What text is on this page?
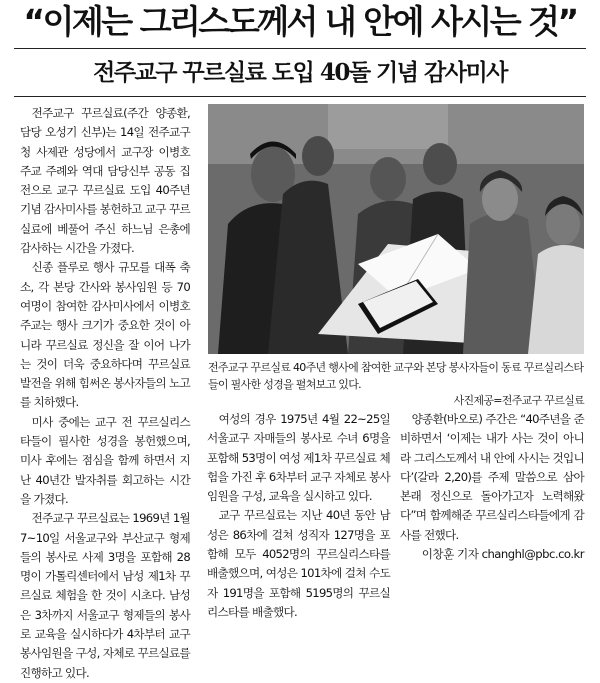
“이제는 그리스도께서 내 안에 사시는 것”
전주교구 꾸르실료 도입 40돌 기념 감사미사

전주교구 꾸르실료(주간 양종환, 담당 오성기 신부)는 14일 전주교구청 사제관 성당에서 교구장 이병호 주교 주례와 역대 담당신부 공동 집전으로 교구 꾸르실료 도입 40주년 기념 감사미사를 봉헌하고 교구 꾸르실료에 베풀어 주신 하느님 은총에 감사하는 시간을 가졌다.

신종 플루로 행사 규모를 대폭 축소, 각 본당 간사와 봉사임원 등 70여명이 참여한 감사미사에서 이병호 주교는 행사 크기가 중요한 것이 아니라 꾸르실료 정신을 잘 이어 나가는 것이 더욱 중요하다며 꾸르실료 발전을 위해 힘써온 봉사자들의 노고를 치하했다.

미사 중에는 교구 전 꾸르실리스타들이 필사한 성경을 봉헌했으며, 미사 후에는 점심을 함께 하면서 지난 40년간 발자취를 회고하는 시간을 가졌다.

전주교구 꾸르실료는 1969년 1월 7~10일 서울교구와 부산교구 형제들의 봉사로 사제 3명을 포함해 28명이 가톨릭센터에서 남성 제1차 꾸르실료 체험을 한 것이 시초다. 남성은 3차까지 서울교구 형제들의 봉사로 교육을 실시하다가 4차부터 교구 봉사임원을 구성, 자체로 꾸르실료를 진행하고 있다.

전주교구 꾸르실료 40주년 행사에 참여한 교구와 본당 봉사자들이 동료 꾸르실리스타들이 필사한 성경을 펼쳐보고 있다.
사진제공=전주교구 꾸르실료

여성의 경우 1975년 4월 22~25일 서울교구 자매들의 봉사로 수녀 6명을 포함해 53명이 여성 제1차 꾸르실료 체험을 가진 후 6차부터 교구 자체로 봉사 임원을 구성, 교육을 실시하고 있다.

교구 꾸르실료는 지난 40년 동안 남성은 86차에 걸쳐 성직자 127명을 포함해 모두 4052명의 꾸르실리스타를 배출했으며, 여성은 101차에 걸쳐 수도자 191명을 포함해 5195명의 꾸르실리스타를 배출했다.

양종환(바오로) 주간은 “40주년을 준비하면서 ‘이제는 내가 사는 것이 아니라 그리스도께서 내 안에 사시는 것입니다’(갈라 2,20)를 주제 말씀으로 삼아 본래 정신으로 돌아가고자 노력해왔다”며 함께해준 꾸르실리스타들에게 감사를 전했다.

이창훈 기자 changhl@pbc.co.kr
